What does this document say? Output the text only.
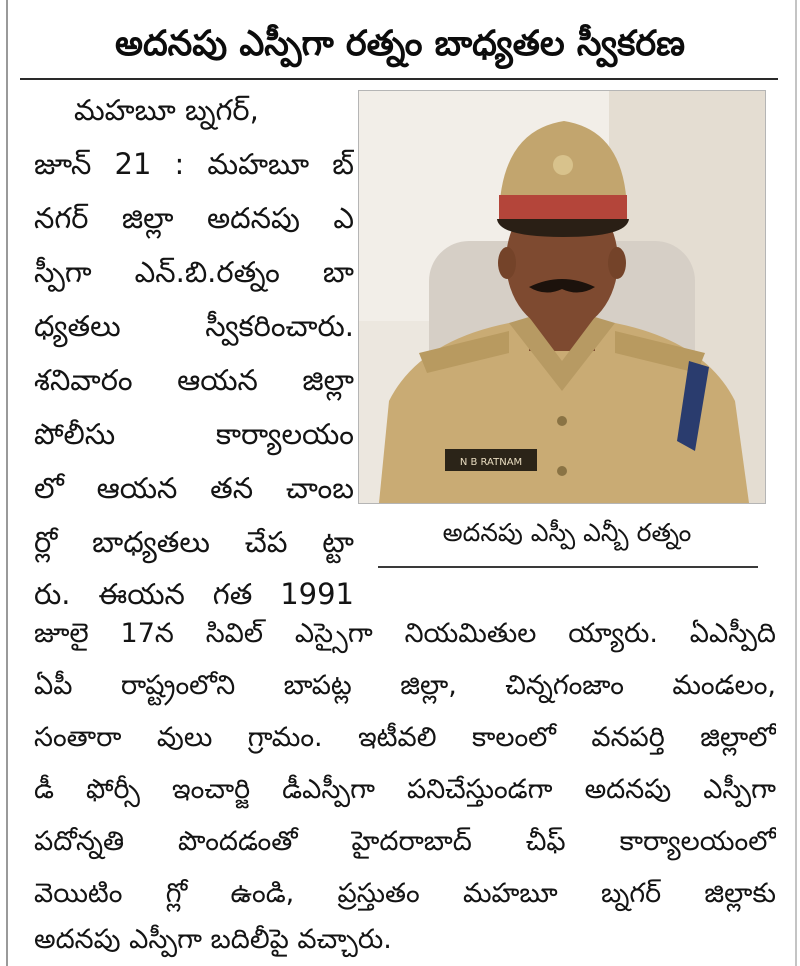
అదనపు ఎస్పీగా రత్నం బాధ్యతల స్వీకరణ
మహబూ బ్నగర్,
జూన్ 21 : మహబూ బ్
నగర్ జిల్లా అదనపు ఎ
స్పీగా ఎన్.బి.రత్నం బా
ధ్యతలు స్వీకరించారు.
శనివారం ఆయన జిల్లా
పోలీసు కార్యాలయం
లో ఆయన తన చాంబ
ర్లో బాధ్యతలు చేప ట్టా
రు. ఈయన గత 1991
N B RATNAM
అదనపు ఎస్పీ ఎన్బీ రత్నం
జూలై 17న సివిల్ ఎస్సైగా నియమితుల య్యారు. ఏఎస్పీది
ఏపీ రాష్ట్రంలోని బాపట్ల జిల్లా, చిన్నగంజాం మండలం,
సంతారా వులు గ్రామం. ఇటీవలి కాలంలో వనపర్తి జిల్లాలో
డీ ఫోర్సీ ఇంచార్జి డీఎస్పీగా పనిచేస్తుండగా అదనపు ఎస్పీగా
పదోన్నతి పొందడంతో హైదరాబాద్ చీఫ్ కార్యాలయంలో
వెయిటిం గ్లో ఉండి, ప్రస్తుతం మహబూ బ్నగర్ జిల్లాకు
అదనపు ఎస్పీగా బదిలీపై వచ్చారు.
